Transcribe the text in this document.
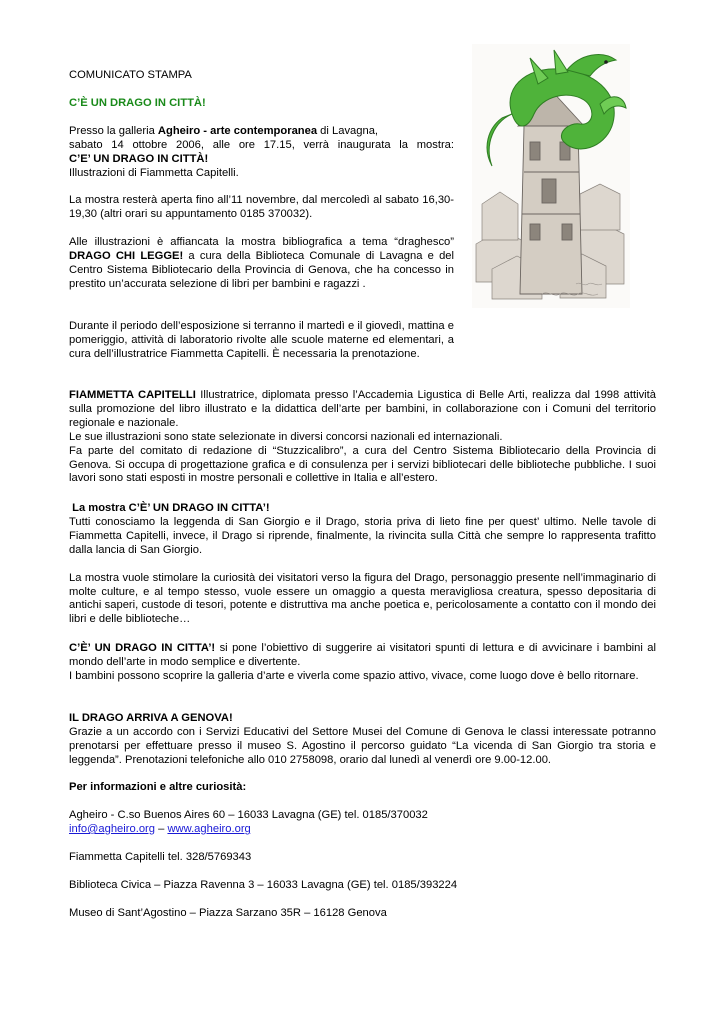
COMUNICATO STAMPA

C’È UN DRAGO IN CITTÀ!

Presso la galleria Agheiro - arte contemporanea di Lavagna,
sabato 14 ottobre 2006, alle ore 17.15, verrà inaugurata la mostra:
C’E’ UN DRAGO IN CITTÀ!
Illustrazioni di Fiammetta Capitelli.

La mostra resterà aperta fino all’11 novembre, dal mercoledì al sabato 16,30-19,30 (altri orari su appuntamento 0185 370032).

Alle illustrazioni è affiancata la mostra bibliografica a tema “draghesco” DRAGO CHI LEGGE! a cura della Biblioteca Comunale di Lavagna e del Centro Sistema Bibliotecario della Provincia di Genova, che ha concesso in prestito un’accurata selezione di libri per bambini e ragazzi .

Durante il periodo dell’esposizione si terranno il martedì e il giovedì, mattina e pomeriggio, attività di laboratorio rivolte alle scuole materne ed elementari, a cura dell’illustratrice Fiammetta Capitelli. È necessaria la prenotazione.

FIAMMETTA CAPITELLI Illustratrice, diplomata presso l’Accademia Ligustica di Belle Arti, realizza dal 1998 attività sulla promozione del libro illustrato e la didattica dell’arte per bambini, in collaborazione con i Comuni del territorio regionale e nazionale.
Le sue illustrazioni sono state selezionate in diversi concorsi nazionali ed internazionali.
Fa parte del comitato di redazione di “Stuzzicalibro”, a cura del Centro Sistema Bibliotecario della Provincia di Genova. Si occupa di progettazione grafica e di consulenza per i servizi bibliotecari delle biblioteche pubbliche. I suoi lavori sono stati esposti in mostre personali e collettive in Italia e all’estero.
La mostra C’È’ UN DRAGO IN CITTA’!
Tutti conosciamo la leggenda di San Giorgio e il Drago, storia priva di lieto fine per quest’ ultimo. Nelle tavole di Fiammetta Capitelli, invece, il Drago si riprende, finalmente, la rivincita sulla Città che sempre lo rappresenta trafitto dalla lancia di San Giorgio.
La mostra vuole stimolare la curiosità dei visitatori verso la figura del Drago, personaggio presente nell’immaginario di molte culture, e al tempo stesso, vuole essere un omaggio a questa meravigliosa creatura, spesso depositaria di antichi saperi, custode di tesori, potente e distruttiva ma anche poetica e, pericolosamente a contatto con il mondo dei libri e delle biblioteche…
C’È’ UN DRAGO IN CITTA’! si pone l’obiettivo di suggerire ai visitatori spunti di lettura e di avvicinare i bambini al mondo dell’arte in modo semplice e divertente.
I bambini possono scoprire la galleria d’arte e viverla come spazio attivo, vivace, come luogo dove è bello ritornare.
IL DRAGO ARRIVA A GENOVA!
Grazie a un accordo con i Servizi Educativi del Settore Musei del Comune di Genova le classi interessate potranno prenotarsi per effettuare presso il museo S. Agostino il percorso guidato “La vicenda di San Giorgio tra storia e leggenda”. Prenotazioni telefoniche allo 010 2758098, orario dal lunedì al venerdì ore 9.00-12.00.

Per informazioni e altre curiosità:

Agheiro - C.so Buenos Aires 60 – 16033 Lavagna (GE) tel. 0185/370032

info@agheiro.org – www.agheiro.org

Fiammetta Capitelli tel. 328/5769343

Biblioteca Civica – Piazza Ravenna 3 – 16033 Lavagna (GE) tel. 0185/393224

Museo di Sant’Agostino – Piazza Sarzano 35R – 16128 Genova
